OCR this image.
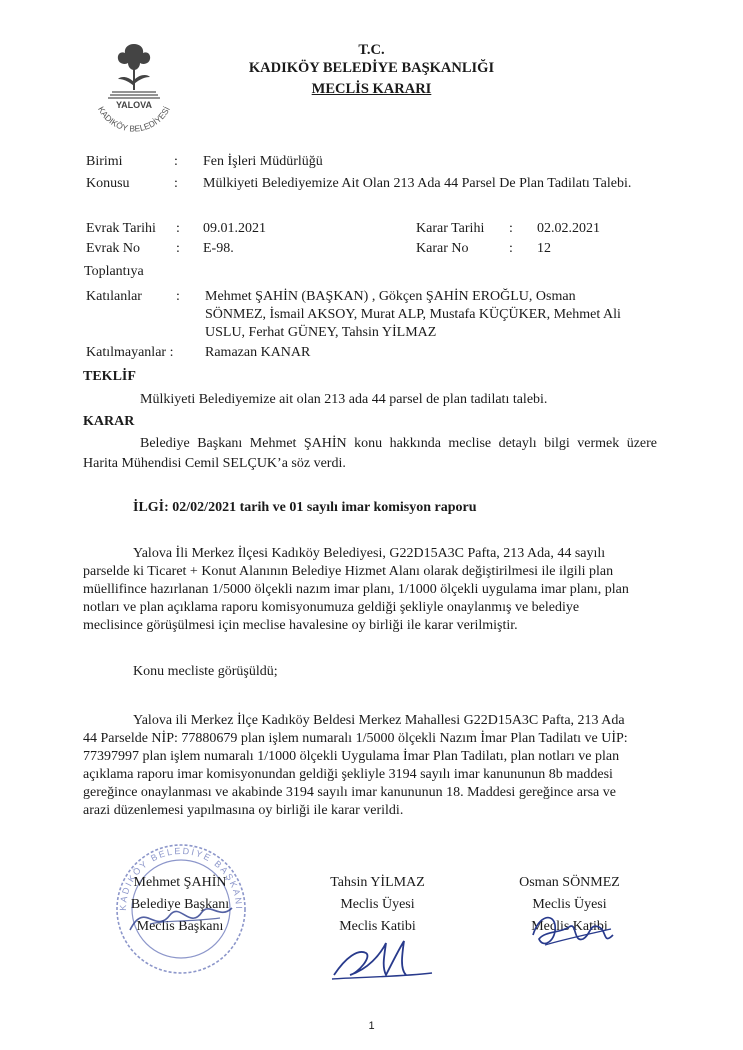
YALOVA
KADIKÖY BELEDİYESİ
T.C.
KADIKÖY BELEDİYE BAŞKANLIĞI
MECLİS KARARI
Birimi	: Fen İşleri Müdürlüğü
Konusu	: Mülkiyeti Belediyemize Ait Olan 213 Ada 44 Parsel De Plan Tadilatı Talebi.
Evrak Tarihi : 09.01.2021	Karar Tarihi : 02.02.2021
Evrak No	: E-98.	Karar No	: 12
Toplantıya
Katılanlar : Mehmet ŞAHİN (BAŞKAN) , Gökçen ŞAHİN EROĞLU, Osman
SÖNMEZ, İsmail AKSOY, Murat ALP, Mustafa KÜÇÜKER, Mehmet Ali
USLU, Ferhat GÜNEY, Tahsin YİLMAZ
Katılmayanlar : Ramazan KANAR
TEKLİF
Mülkiyeti Belediyemize ait olan 213 ada 44 parsel de plan tadilatı talebi.
KARAR
Belediye Başkanı Mehmet ŞAHİN konu hakkında meclise detaylı bilgi vermek üzere
Harita Mühendisi Cemil SELÇUK’a söz verdi.
İLGİ: 02/02/2021 tarih ve 01 sayılı imar komisyon raporu
Yalova İli Merkez İlçesi Kadıköy Belediyesi, G22D15A3C Pafta, 213 Ada, 44 sayılı
parselde ki Ticaret + Konut Alanının Belediye Hizmet Alanı olarak değiştirilmesi ile ilgili plan
müellifince hazırlanan 1/5000 ölçekli nazım imar planı, 1/1000 ölçekli uygulama imar planı, plan
notları ve plan açıklama raporu komisyonumuza geldiği şekliyle onaylanmış ve belediye
meclisince görüşülmesi için meclise havalesine oy birliği ile karar verilmiştir.
Konu mecliste görüşüldü;
Yalova ili Merkez İlçe Kadıköy Beldesi Merkez Mahallesi G22D15A3C Pafta, 213 Ada
44 Parselde NİP: 77880679 plan işlem numaralı 1/5000 ölçekli Nazım İmar Plan Tadilatı ve UİP:
77397997 plan işlem numaralı 1/1000 ölçekli Uygulama İmar Plan Tadilatı, plan notları ve plan
açıklama raporu imar komisyonundan geldiği şekliyle 3194 sayılı imar kanununun 8b maddesi
gereğince onaylanması ve akabinde 3194 sayılı imar kanununun 18. Maddesi gereğince arsa ve
arazi düzenlemesi yapılmasına oy birliği ile karar verildi.
KADIKÖY BELEDİYE BAŞKANI
Mehmet ŞAHİN
Belediye Başkanı
Meclis Başkanı
Tahsin YİLMAZ
Meclis Üyesi
Meclis Katibi
Osman SÖNMEZ
Meclis Üyesi
Meclis Katibi
1
